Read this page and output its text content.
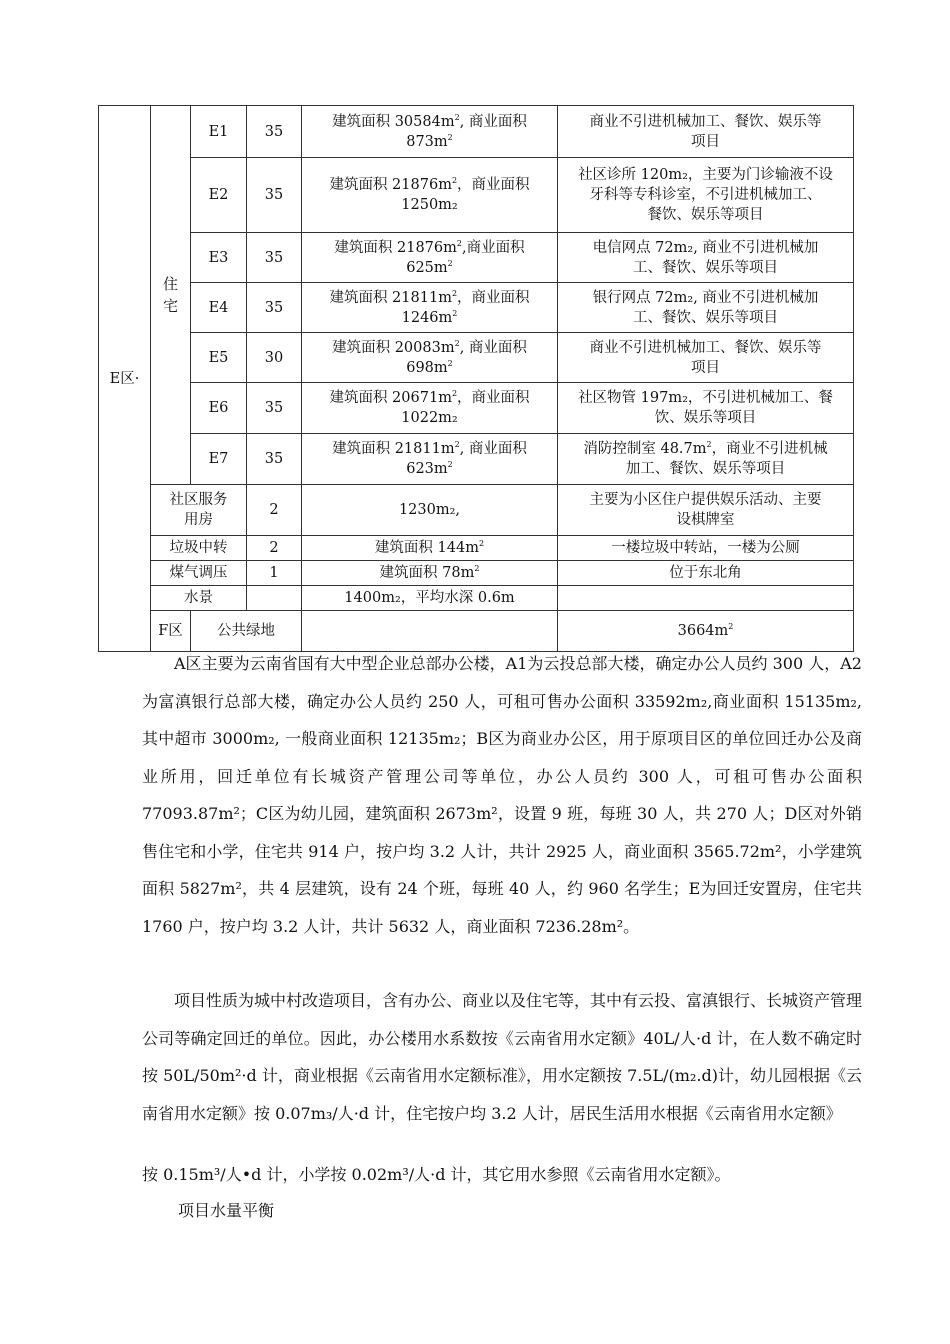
E区·	住宅	E1	35	建筑面积 $30584m^2$, 商业面积
$873m^2$	商业不引进机械加工、餐饮、娱乐等
项目	

		E2	35	建筑面积 $21876m^2$，商业面积
1250m₂	社区诊所 120m₂，主要为门诊输液不设
牙科等专科诊室，不引进机械加工、
餐饮、娱乐等项目	

		E3	35	建筑面积 $21876m^2$,商业面积
$625m^2$	电信网点 72m₂, 商业不引进机械加
工、餐饮、娱乐等项目	

		E4	35	建筑面积 $21811m^2$，商业面积
$1246m^2$	银行网点 72m₂, 商业不引进机械加
工、餐饮、娱乐等项目	

		E5	30	建筑面积 $20083m^2$, 商业面积
$698m^2$	商业不引进机械加工、餐饮、娱乐等
项目	

		E6	35	建筑面积 $20671m^2$，商业面积
1022m₂	社区物管 197m₂，不引进机械加工、餐
饮、娱乐等项目	

		E7	35	建筑面积 $21811m^2$, 商业面积
$623m^2$	消防控制室 $48.7m^2$，商业不引进机械
加工、餐饮、娱乐等项目	

	社区服务
用房		2	1230m₂,	主要为小区住户提供娱乐活动、主要
设棋牌室	

	垃圾中转		2	建筑面积 $144m^2$	一楼垃圾中转站，一楼为公厕	
	煤气调压		1	建筑面积 $78m^2$	位于东北角	
	水景			1400m₂，平均水深 0.6m		
	F区	公共绿地			$3664m^2$	

A区主要为云南省国有大中型企业总部办公楼，A1为云投总部大楼，确定办公人员约 300 人，A2为富滇银行总部大楼，确定办公人员约 250 人，可租可售办公面积 33592m₂,商业面积 15135m₂, 其中超市 3000m₂, 一般商业面积 12135m₂；B区为商业办公区，用于原项目区的单位回迁办公及商业所用，回迁单位有长城资产管理公司等单位，办公人员约 300 人，可租可售办公面积 77093.87m²；C区为幼儿园，建筑面积 2673m²，设置 9 班，每班 30 人，共 270 人；D区对外销售住宅和小学，住宅共 914 户，按户均 3.2 人计，共计 2925 人，商业面积 3565.72m²，小学建筑面积 5827m²，共 4 层建筑，设有 24 个班，每班 40 人，约 960 名学生；E为回迁安置房，住宅共 1760 户，按户均 3.2 人计，共计 5632 人，商业面积 7236.28m²。

项目性质为城中村改造项目，含有办公、商业以及住宅等，其中有云投、富滇银行、长城资产管理公司等确定回迁的单位。因此，办公楼用水系数按《云南省用水定额》40L/人·d 计，在人数不确定时按 50L/50m²·d 计，商业根据《云南省用水定额标准》，用水定额按 7.5L/(m₂.d)计，幼儿园根据《云南省用水定额》按 0.07m₃/人·d 计，住宅按户均 3.2 人计，居民生活用水根据《云南省用水定额》

按 0.15m³/人•d 计，小学按 0.02m³/人·d 计，其它用水参照《云南省用水定额》。
项目水量平衡
